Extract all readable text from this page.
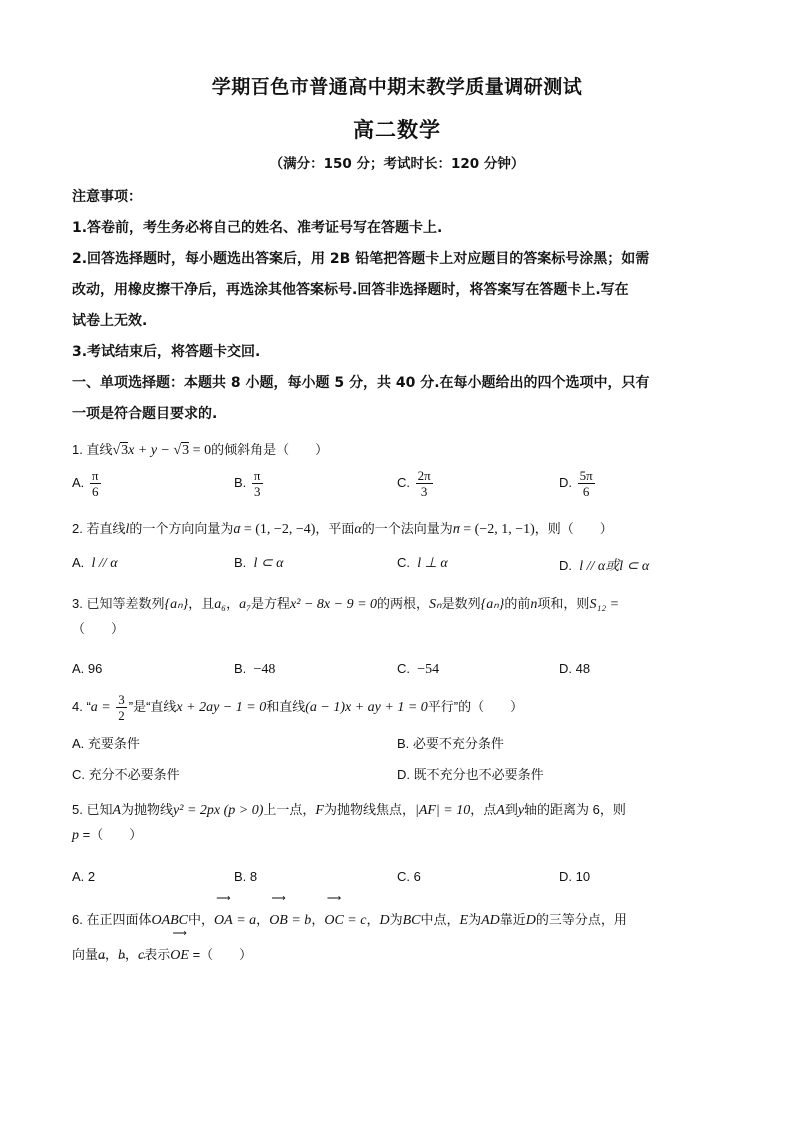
学期百色市普通高中期末教学质量调研测试
高二数学
（满分：150 分；考试时长：120 分钟）

注意事项：

1.答卷前，考生务必将自己的姓名、准考证号写在答题卡上.

2.回答选择题时，每小题选出答案后，用 2B 铅笔把答题卡上对应题目的答案标号涂黑；如需

改动，用橡皮擦干净后，再选涂其他答案标号.回答非选择题时，将答案写在答题卡上.写在

试卷上无效.

3.考试结束后，将答题卡交回.

一、单项选择题：本题共 8 小题，每小题 5 分，共 40 分.在每小题给出的四个选项中，只有

一项是符合题目要求的.

1. 直线√3x + y − √3 = 0的倾斜角是（　　）
A. $\frac{\pi}{6}$	B. $\frac{\pi}{3}$	C. $\frac{2\pi}{3}$	D. $\frac{5\pi}{6}$
2. 若直线l的一个方向向量为→ a = (1, −2, −4)，平面α的一个法向量为→ n = (−2, 1, −1)，则（　　）
A. l // α	B. l ⊂ α	C. l ⊥ α	D. l // α或l ⊂ α
3. 已知等差数列{aₙ}，且a₆，a₇是方程x² − 8x − 9 = 0的两根，Sₙ是数列{aₙ}的前n项和，则S₁₂ =
（　　）
A. 96	B. −48	C. −54	D. 48
4. “$a = \frac{3}{2}$ ”是“直线x + 2ay − 1 = 0和直线(a − 1)x + ay + 1 = 0平行”的（　　）
A. 充要条件	B. 必要不充分条件
C. 充分不必要条件	D. 既不充分也不必要条件
5. 已知A为抛物线y² = 2px (p > 0)上一点，F为抛物线焦点，|AF| = 10，点A到y轴的距离为 6，则
p =（　　）
A. 2	B. 8	C. 6	D. 10
6. 在正四面体OABC中，⟶ OA = a，⟶ OB = b，⟶ OC = c，D为BC中点，E为AD靠近D的三等分点，用
向量→ a，→ b，→ c表示⟶ OE =（　　）
